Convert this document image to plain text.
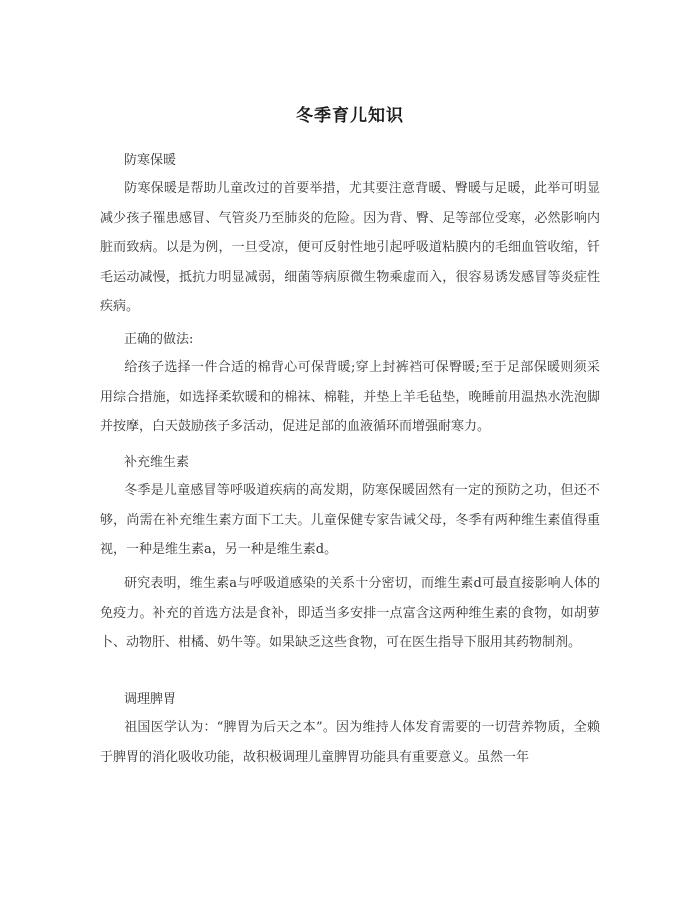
冬季育儿知识
防寒保暖
防寒保暖是帮助儿童改过的首要举措，尤其要注意背暖、臀暖与足暖，此举可明显减少孩子罹患感冒、气管炎乃至肺炎的危险。因为背、臀、足等部位受寒，必然影响内脏而致病。以是为例，一旦受凉，便可反射性地引起呼吸道粘膜内的毛细血管收缩，钎毛运动减慢，抵抗力明显减弱，细菌等病原微生物乘虚而入，很容易诱发感冒等炎症性疾病。
正确的做法:
给孩子选择一件合适的棉背心可保背暖;穿上封裤裆可保臀暖;至于足部保暖则须采用综合措施，如选择柔软暖和的棉袜、棉鞋，并垫上羊毛毡垫，晚睡前用温热水洗泡脚并按摩，白天鼓励孩子多活动，促进足部的血液循环而增强耐寒力。
补充维生素
冬季是儿童感冒等呼吸道疾病的高发期，防寒保暖固然有一定的预防之功，但还不够，尚需在补充维生素方面下工夫。儿童保健专家告诫父母，冬季有两种维生素值得重视，一种是维生素a，另一种是维生素d。
研究表明，维生素a与呼吸道感染的关系十分密切，而维生素d可最直接影响人体的免疫力。补充的首选方法是食补，即适当多安排一点富含这两种维生素的食物，如胡萝卜、动物肝、柑橘、奶牛等。如果缺乏这些食物，可在医生指导下服用其药物制剂。
调理脾胃
祖国医学认为：“脾胃为后天之本”。因为维持人体发育需要的一切营养物质，全赖于脾胃的消化吸收功能，故积极调理儿童脾胃功能具有重要意义。虽然一年
